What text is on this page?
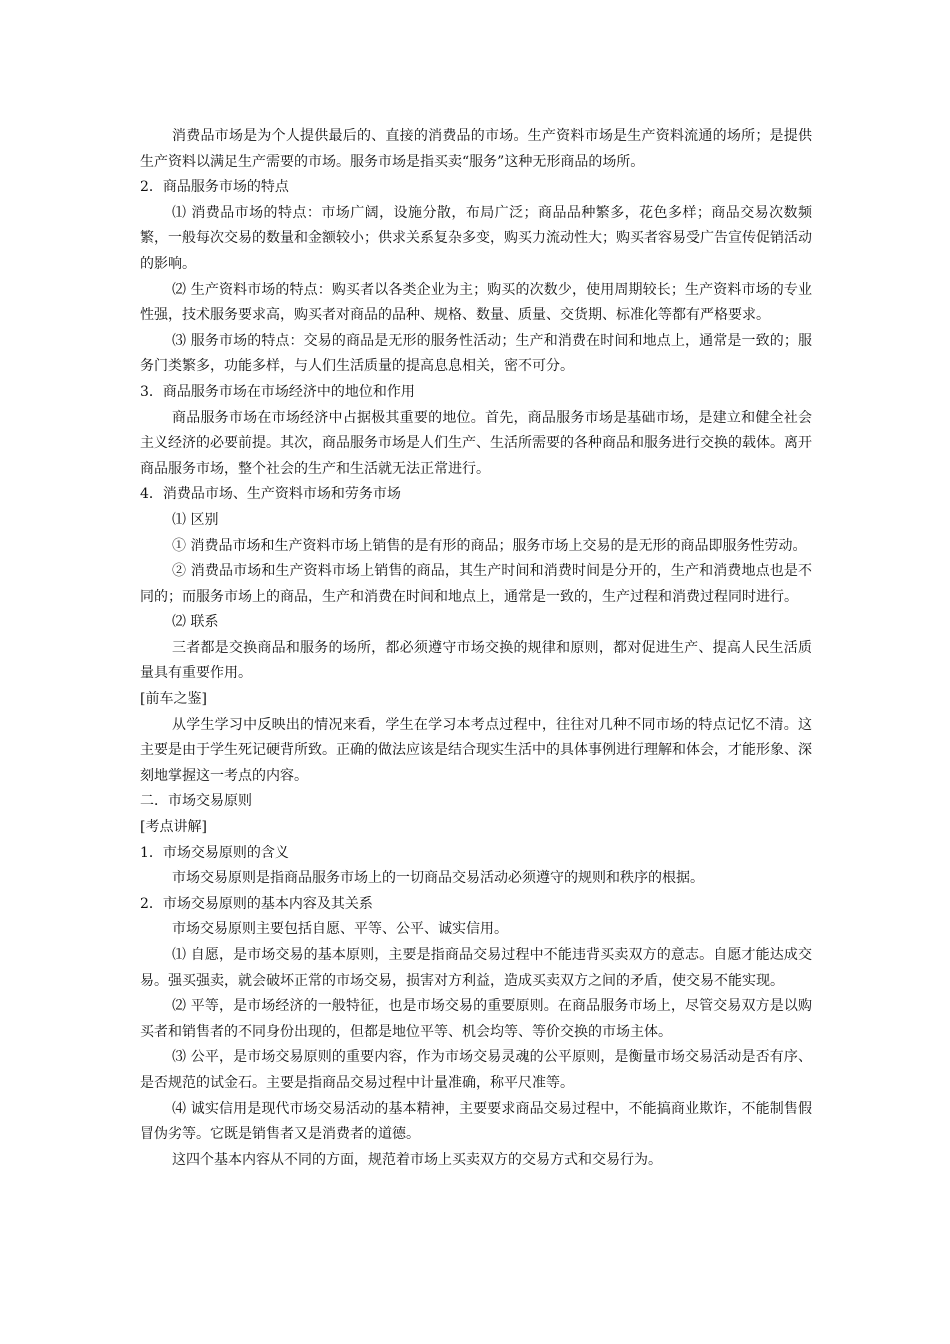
消费品市场是为个人提供最后的、直接的消费品的市场。生产资料市场是生产资料流通的场所；是提供生产资料以满足生产需要的市场。服务市场是指买卖“服务”这种无形商品的场所。

2．商品服务市场的特点

⑴ 消费品市场的特点：市场广阔，设施分散，布局广泛；商品品种繁多，花色多样；商品交易次数频繁，一般每次交易的数量和金额较小；供求关系复杂多变，购买力流动性大；购买者容易受广告宣传促销活动的影响。

⑵ 生产资料市场的特点：购买者以各类企业为主；购买的次数少，使用周期较长；生产资料市场的专业性强，技术服务要求高，购买者对商品的品种、规格、数量、质量、交货期、标准化等都有严格要求。

⑶ 服务市场的特点：交易的商品是无形的服务性活动；生产和消费在时间和地点上，通常是一致的；服务门类繁多，功能多样，与人们生活质量的提高息息相关，密不可分。

3．商品服务市场在市场经济中的地位和作用

商品服务市场在市场经济中占据极其重要的地位。首先，商品服务市场是基础市场，是建立和健全社会主义经济的必要前提。其次，商品服务市场是人们生产、生活所需要的各种商品和服务进行交换的载体。离开商品服务市场，整个社会的生产和生活就无法正常进行。

4．消费品市场、生产资料市场和劳务市场

⑴ 区别

① 消费品市场和生产资料市场上销售的是有形的商品；服务市场上交易的是无形的商品即服务性劳动。

② 消费品市场和生产资料市场上销售的商品，其生产时间和消费时间是分开的，生产和消费地点也是不同的；而服务市场上的商品，生产和消费在时间和地点上，通常是一致的，生产过程和消费过程同时进行。

⑵ 联系

三者都是交换商品和服务的场所，都必须遵守市场交换的规律和原则，都对促进生产、提高人民生活质量具有重要作用。

[前车之鉴]

从学生学习中反映出的情况来看，学生在学习本考点过程中，往往对几种不同市场的特点记忆不清。这主要是由于学生死记硬背所致。正确的做法应该是结合现实生活中的具体事例进行理解和体会，才能形象、深刻地掌握这一考点的内容。

二．市场交易原则

[考点讲解]

1．市场交易原则的含义

市场交易原则是指商品服务市场上的一切商品交易活动必须遵守的规则和秩序的根据。

2．市场交易原则的基本内容及其关系

市场交易原则主要包括自愿、平等、公平、诚实信用。

⑴ 自愿，是市场交易的基本原则，主要是指商品交易过程中不能违背买卖双方的意志。自愿才能达成交易。强买强卖，就会破坏正常的市场交易，损害对方利益，造成买卖双方之间的矛盾，使交易不能实现。

⑵ 平等，是市场经济的一般特征，也是市场交易的重要原则。在商品服务市场上，尽管交易双方是以购买者和销售者的不同身份出现的，但都是地位平等、机会均等、等价交换的市场主体。

⑶ 公平，是市场交易原则的重要内容，作为市场交易灵魂的公平原则，是衡量市场交易活动是否有序、是否规范的试金石。主要是指商品交易过程中计量准确，称平尺准等。

⑷ 诚实信用是现代市场交易活动的基本精神，主要要求商品交易过程中，不能搞商业欺诈，不能制售假冒伪劣等。它既是销售者又是消费者的道德。

这四个基本内容从不同的方面，规范着市场上买卖双方的交易方式和交易行为。
